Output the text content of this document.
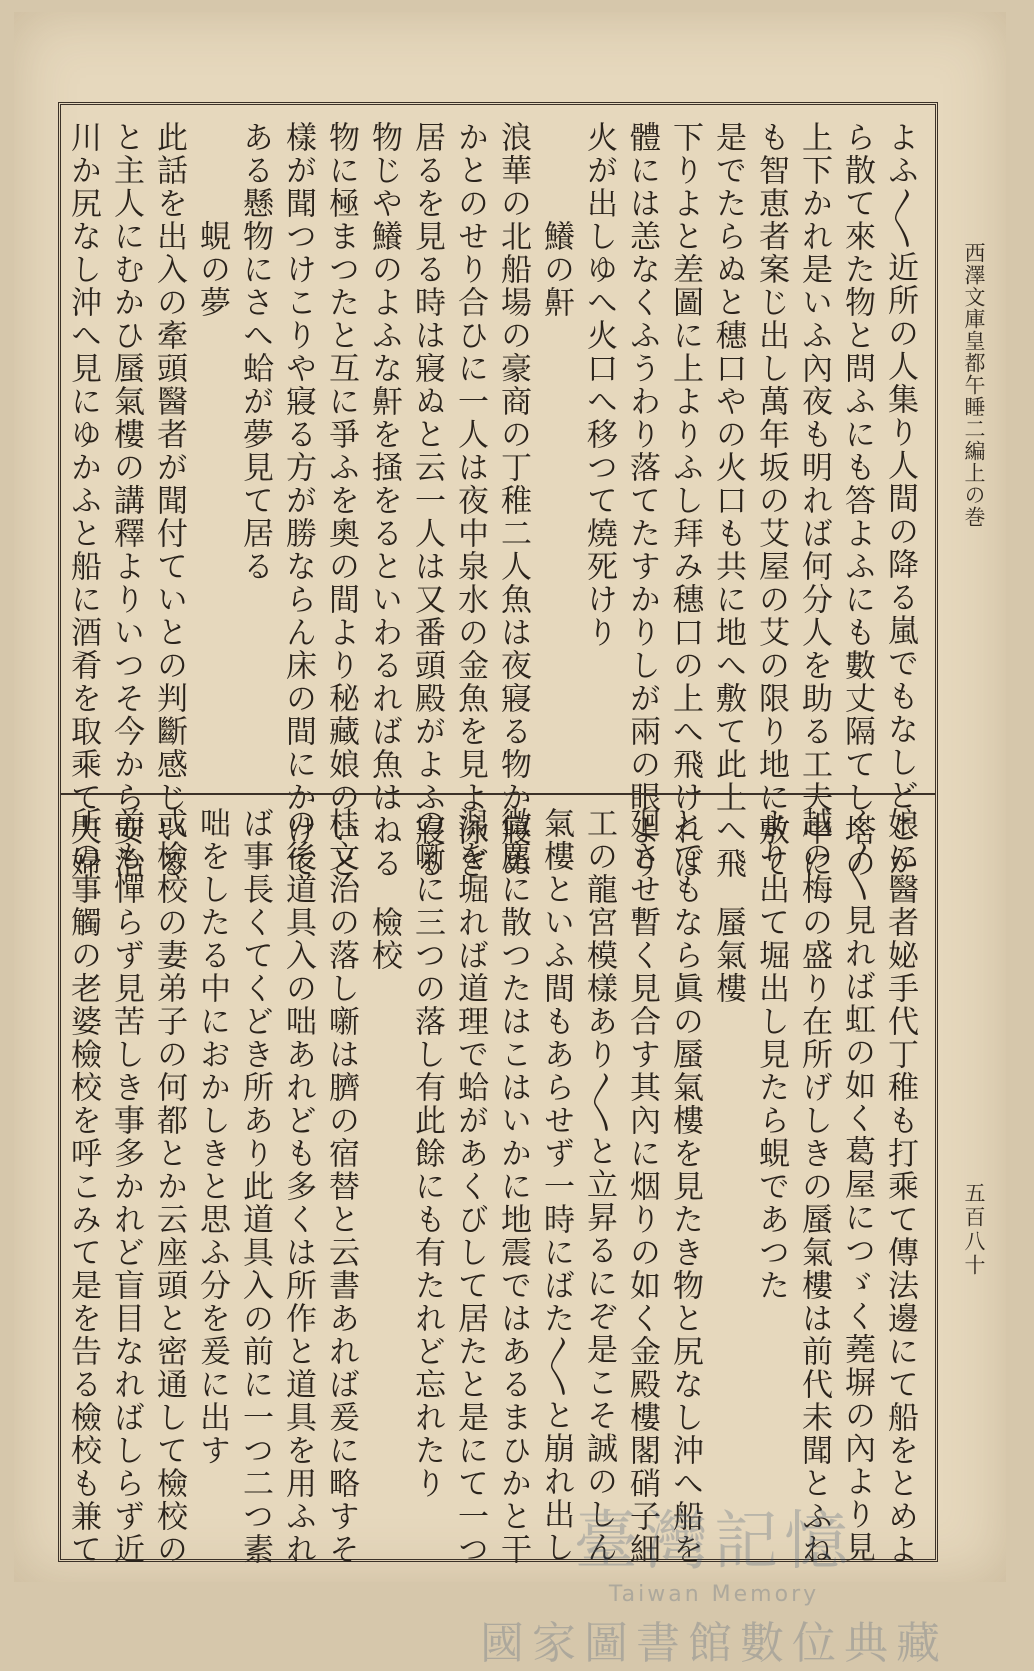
西澤文庫皇都午睡二編上の巻
五百八十
よふ〳〵近所の人集り人間の降る嵐でもなしどこか
ら散て來た物と問ふにも答よふにも數丈隔てし塔の
上下かれ是いふ內夜も明れば何分人を助る工夫中に
も智恵者案じ出し萬年坂の艾屋の艾の限り地に敷て
是でたらぬと穗口やの火口も共に地へ敷て此上へ飛
下りよと差圖に上よりふし拜み穗口の上へ飛ければ
體には恙なくふうわり落てたすかりしが兩の眼より
火が出しゆへ火口へ移つて燒死けり
鱶の鼾
浪華の北船場の豪商の丁稚二人魚は夜寢る物か寢ぬ
かとのせり合ひに一人は夜中泉水の金魚を見よ泳ぎ
居るを見る時は寢ぬと云一人は又番頭殿がよふ寢る
物じや鱶のよふな鼾を掻をるといわるれば魚はねる
物に極まつたと互に爭ふを奧の間より秘藏娘のいと
樣が聞つけこりや寢る方が勝ならん床の間にかけて
ある懸物にさへ蛤が夢見て居る
蜆の夢
此話を出入の牽頭醫者が聞付ていとの判斷感じいる
と主人にむかひ蜃氣樓の講釋よりいつそ今から安治
川か尻なし沖へ見にゆかふと船に酒肴を取乘て夫婦
娘に醫者妼手代丁稚も打乘て傳法邊にて船をとめよ
く〳〵見れば虹の如く葛屋につゞく蕘塀の內より見
越の梅の盛り在所げしきの蜃氣樓は前代未聞とふね
より出て堀出し見たら蜆であつた
蜃氣樓
とてもなら眞の蜃氣樓を見たき物と尻なし沖へ船を
廻させ暫く見合す其內に烟りの如く金殿樓閣硝子細
工の龍宮模樣あり〳〵と立昇るにぞ是こそ誠のしん
氣樓といふ間もあらせず一時にばた〳〵と崩れ出し
微塵に散つたはこはいかに地震ではあるまひかと干
潟を堀れば道理で蛤があくびして居たと是にて一つ
の噺に三つの落し有此餘にも有たれど忘れたり
檢校
桂文治の落し噺は臍の宿替と云書あれば爰に略すそ
の後道具入の咄あれども多くは所作と道具を用ふれ
ば事長くてくどき所あり此道具入の前に一つ二つ素
咄をしたる中におかしきと思ふ分を爰に出す
或檢校の妻弟子の何都とか云座頭と密通して檢校の
前も憚らず見苦しき事多かれど盲目なればしらず近
所の事觸の老婆檢校を呼こみて是を告る檢校も兼て	臺灣記憶
Taiwan Memory
國家圖書館數位典藏
